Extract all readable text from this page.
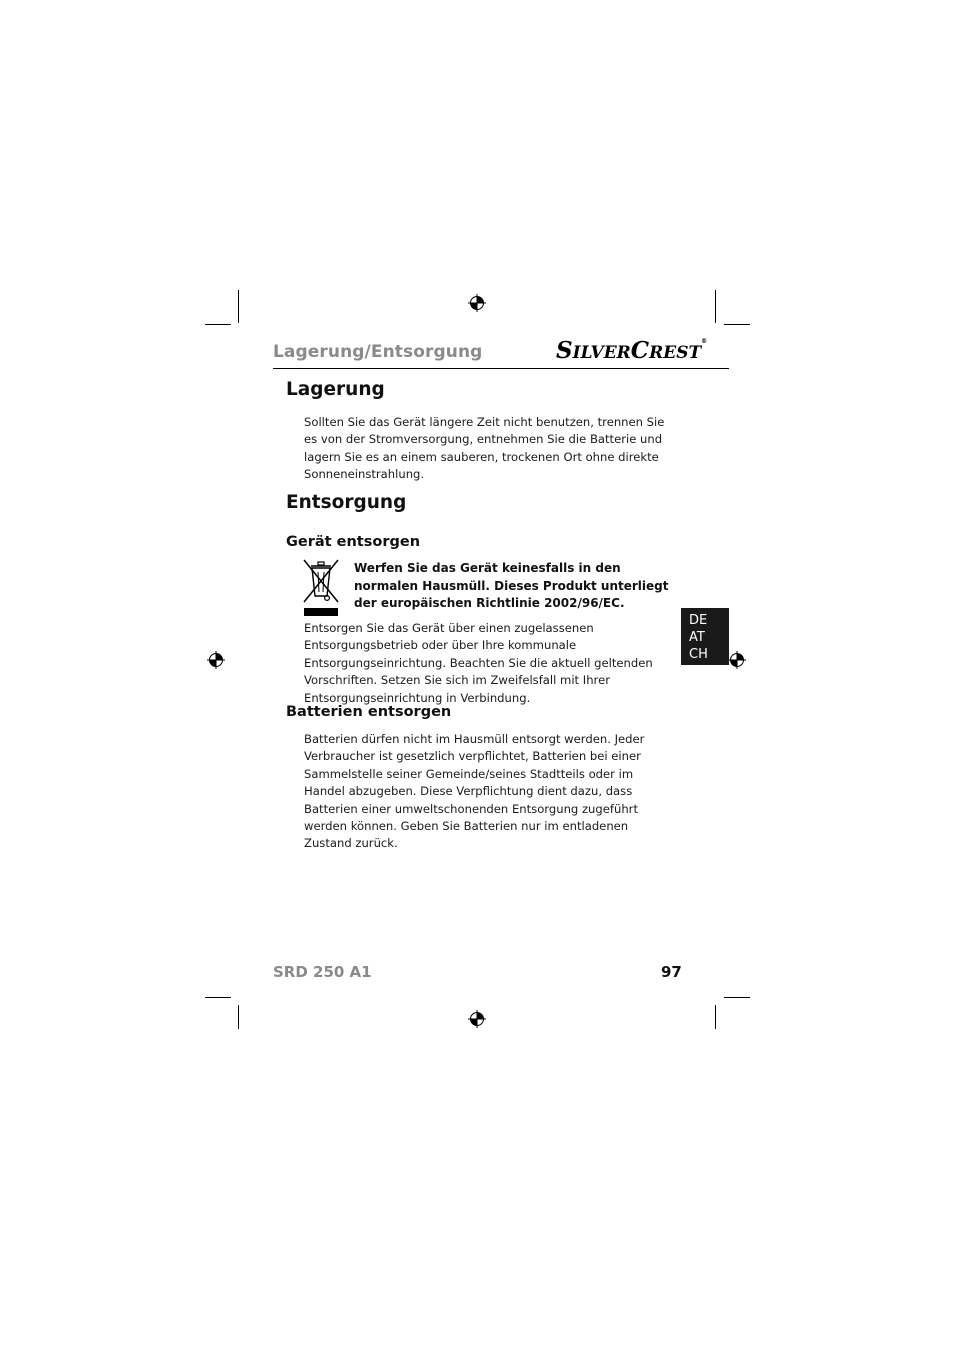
Lagerung/Entsorgung	SILVERCREST®
Lagerung

Sollten Sie das Gerät längere Zeit nicht benutzen, trennen Sie es von der Stromversorgung, entnehmen Sie die Batterie und lagern Sie es an einem sauberen, trockenen Ort ohne direkte Sonneneinstrahlung.

Entsorgung
Gerät entsorgen

Werfen Sie das Gerät keinesfalls in den normalen Hausmüll. Dieses Produkt unterliegt der europäischen Richtlinie 2002/96/EC.

Entsorgen Sie das Gerät über einen zugelassenen Entsorgungsbetrieb oder über Ihre kommunale Entsorgungseinrichtung. Beachten Sie die aktuell geltenden Vorschriften. Setzen Sie sich im Zweifelsfall mit Ihrer Entsorgungseinrichtung in Verbindung.

Batterien entsorgen

Batterien dürfen nicht im Hausmüll entsorgt werden. Jeder Verbraucher ist gesetzlich verpflichtet, Batterien bei einer Sammelstelle seiner Gemeinde/seines Stadtteils oder im Handel abzugeben. Diese Verpflichtung dient dazu, dass Batterien einer umweltschonenden Entsorgung zugeführt werden können. Geben Sie Batterien nur im entladenen Zustand zurück.

DE
AT
CH
SRD 250 A1	97
